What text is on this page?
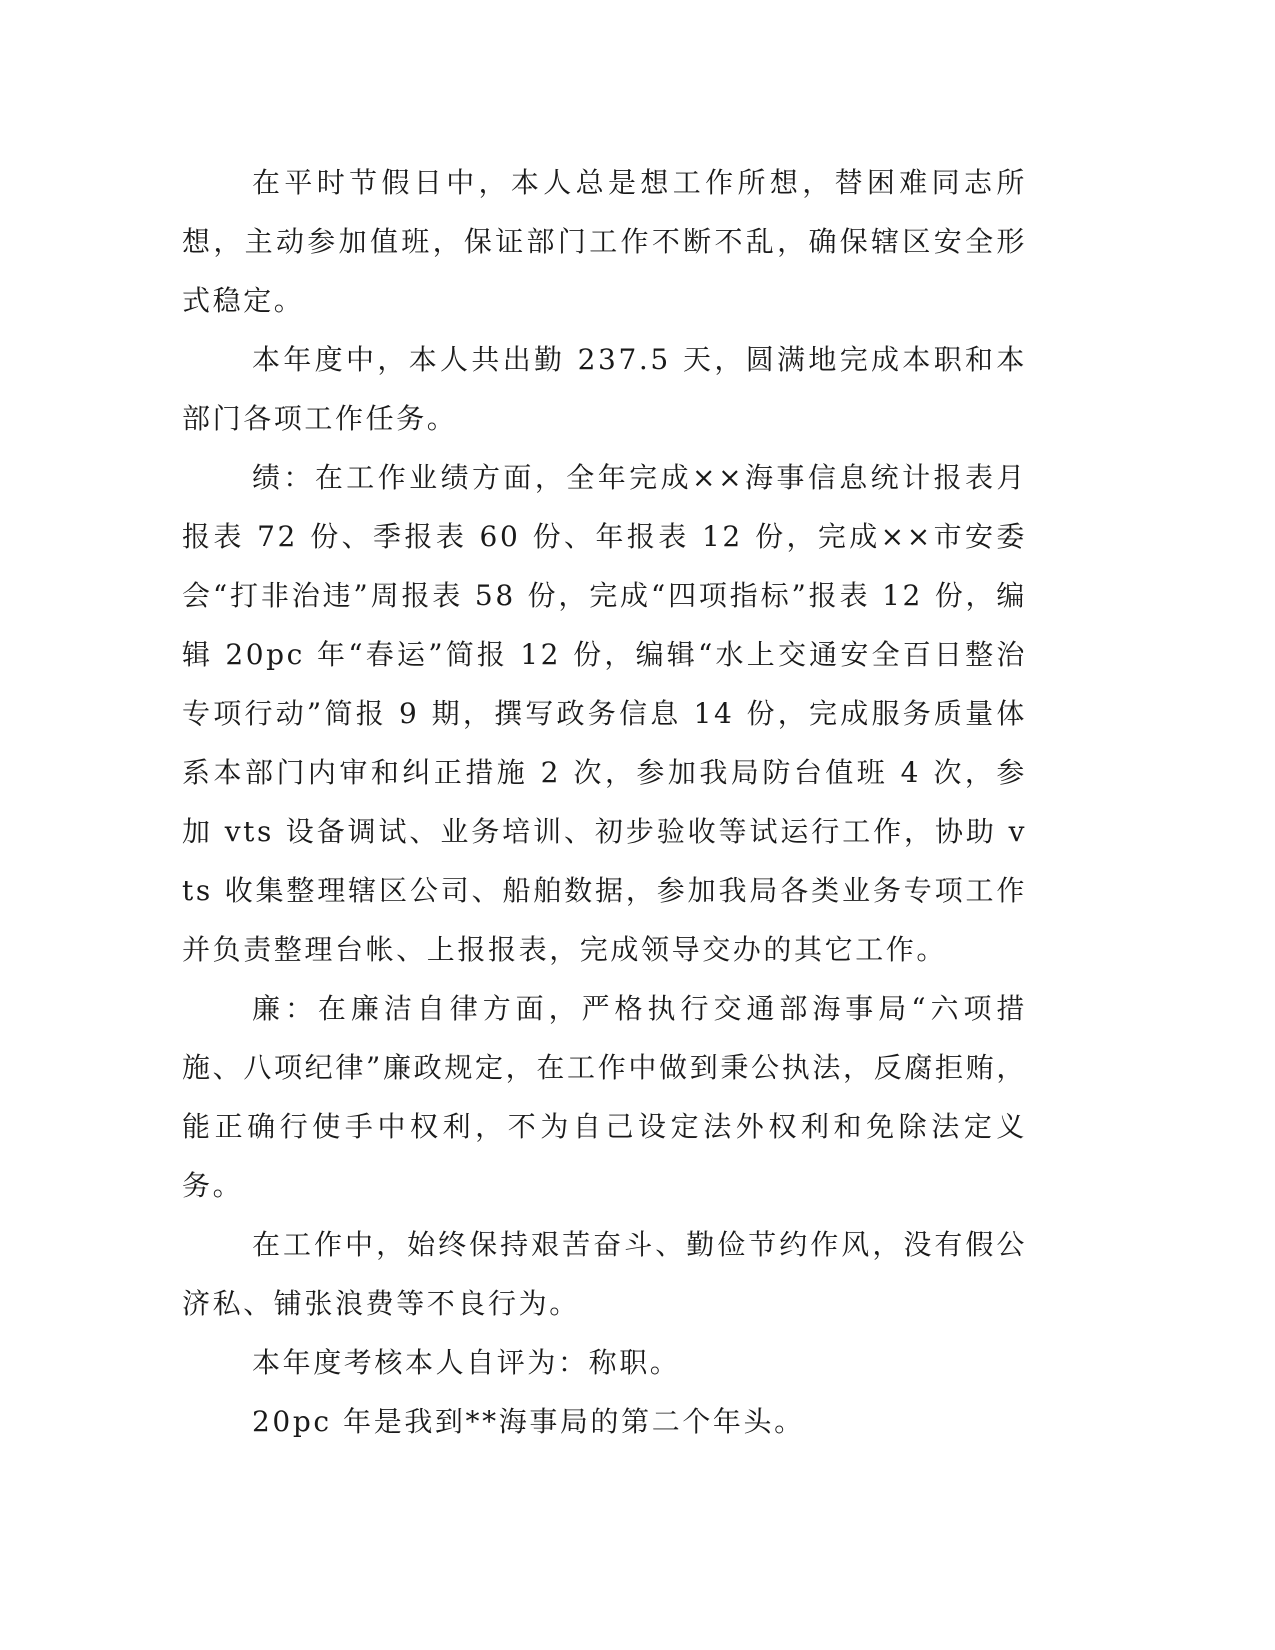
在平时节假日中，本人总是想工作所想，替困难同志所想，主动参加值班，保证部门工作不断不乱，确保辖区安全形式稳定。

本年度中，本人共出勤 237.5 天，圆满地完成本职和本部门各项工作任务。

绩：在工作业绩方面，全年完成××海事信息统计报表月报表 72 份、季报表 60 份、年报表 12 份，完成××市安委会“打非治违”周报表 58 份，完成“四项指标”报表 12 份，编辑 20pc 年“春运”简报 12 份，编辑“水上交通安全百日整治专项行动”简报 9 期，撰写政务信息 14 份，完成服务质量体系本部门内审和纠正措施 2 次，参加我局防台值班 4 次，参加 vts 设备调试、业务培训、初步验收等试运行工作，协助 vts 收集整理辖区公司、船舶数据，参加我局各类业务专项工作并负责整理台帐、上报报表，完成领导交办的其它工作。

廉：在廉洁自律方面，严格执行交通部海事局“六项措施、八项纪律”廉政规定，在工作中做到秉公执法，反腐拒贿，能正确行使手中权利，不为自己设定法外权利和免除法定义务。

在工作中，始终保持艰苦奋斗、勤俭节约作风，没有假公济私、铺张浪费等不良行为。

本年度考核本人自评为：称职。

20pc 年是我到**海事局的第二个年头。
